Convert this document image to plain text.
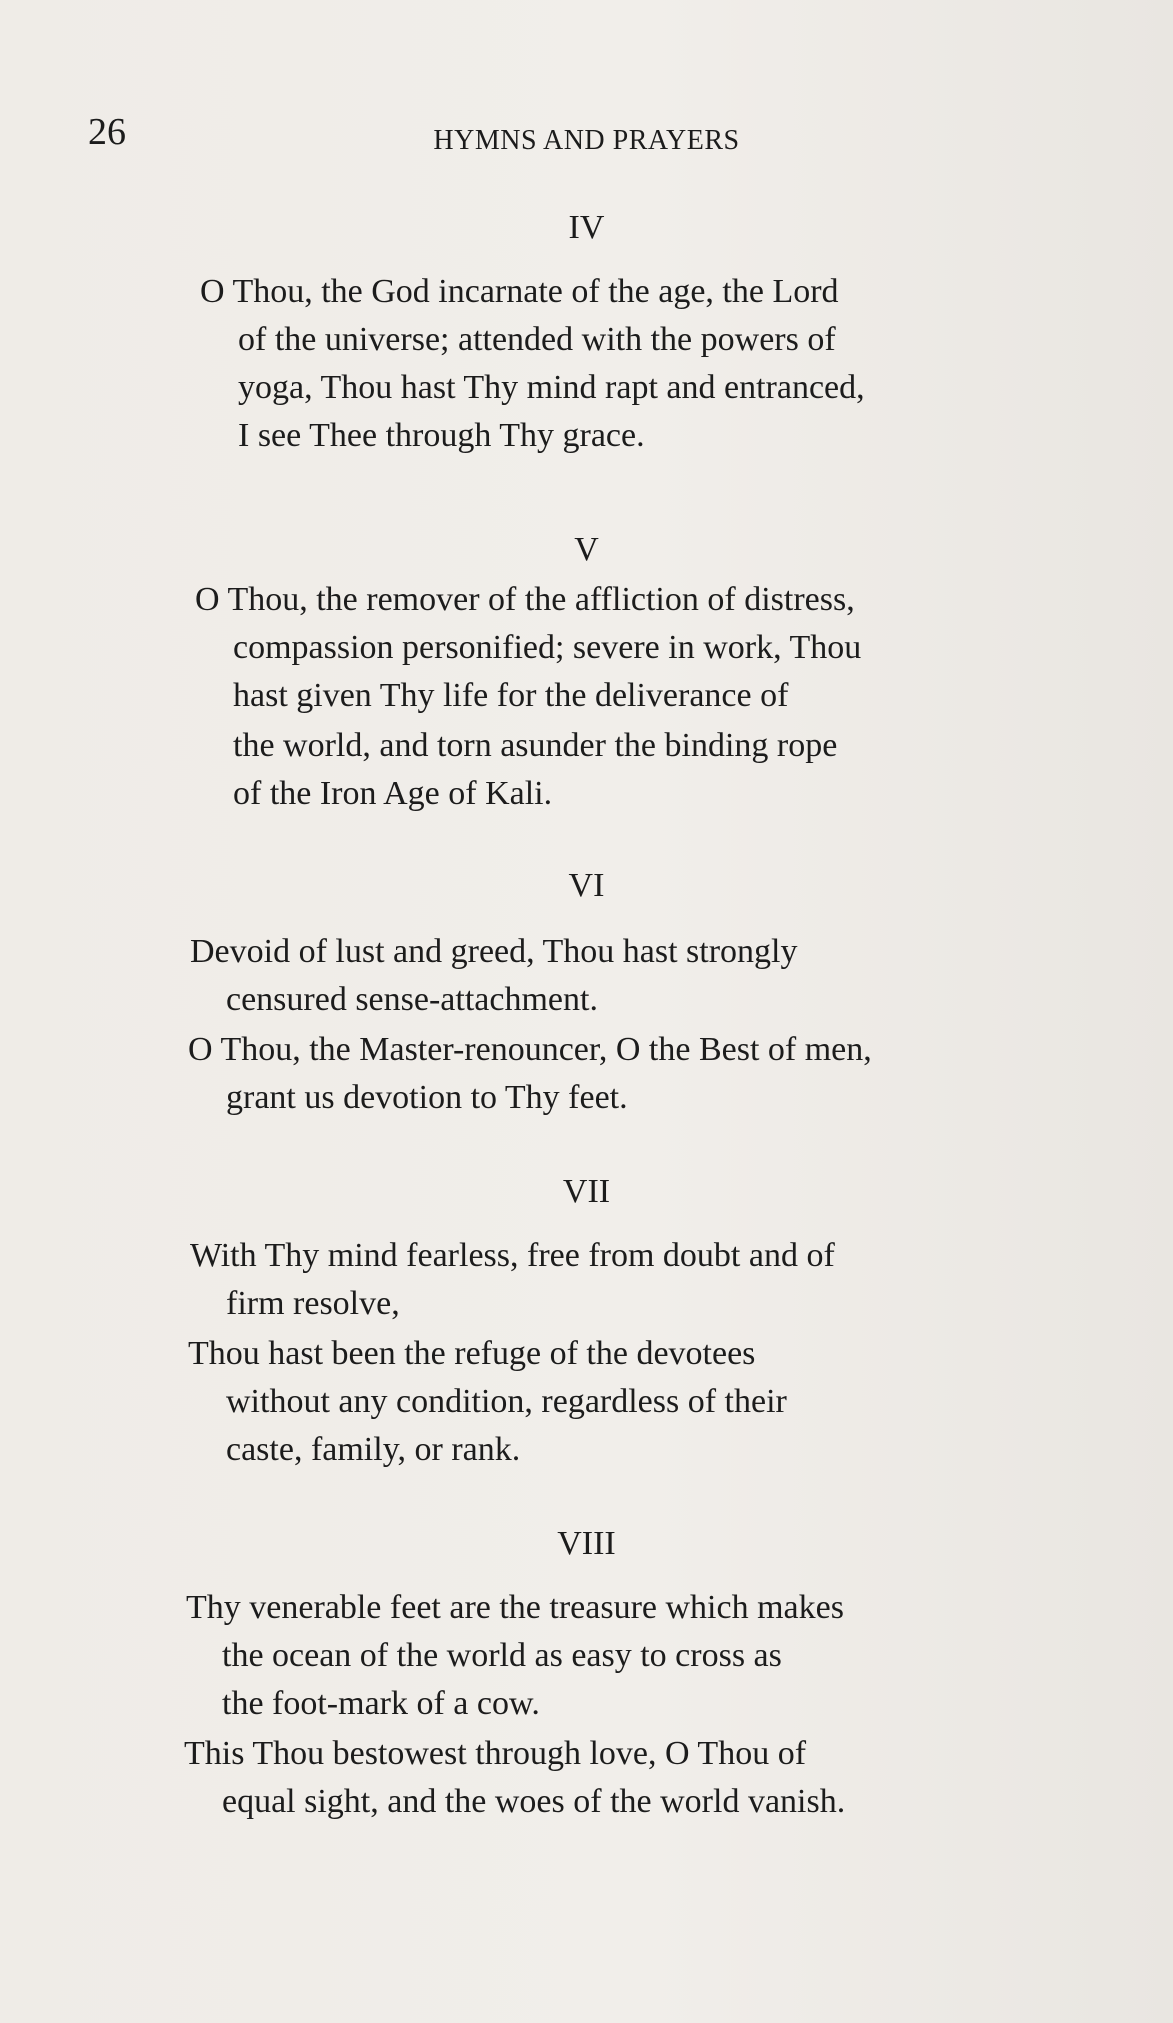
26	HYMNS AND PRAYERS
IV
O Thou, the God incarnate of the age, the Lord
of the universe; attended with the powers of
yoga, Thou hast Thy mind rapt and entranced,
I see Thee through Thy grace.
V
O Thou, the remover of the affliction of distress,
compassion personified; severe in work, Thou
hast given Thy life for the deliverance of
the world, and torn asunder the binding rope
of the Iron Age of Kali.
VI
Devoid of lust and greed, Thou hast strongly
censured sense-attachment.
O Thou, the Master-renouncer, O the Best of men,
grant us devotion to Thy feet.
VII
With Thy mind fearless, free from doubt and of
firm resolve,
Thou hast been the refuge of the devotees
without any condition, regardless of their
caste, family, or rank.
VIII
Thy venerable feet are the treasure which makes
the ocean of the world as easy to cross as
the foot-mark of a cow.
This Thou bestowest through love, O Thou of
equal sight, and the woes of the world vanish.
